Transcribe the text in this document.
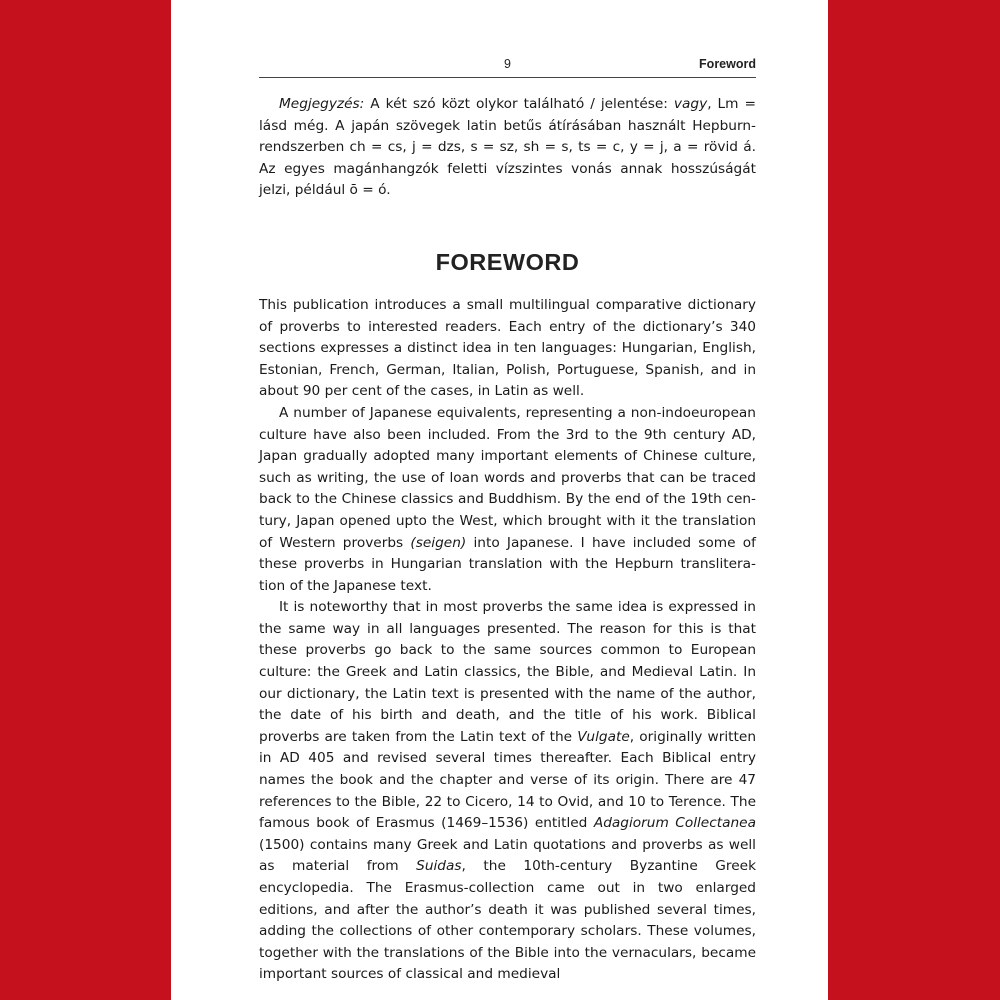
9	Foreword

Megjegyzés: A két szó közt olykor található / jelentése: vagy, Lm = lásd még. A japán szövegek latin betűs átírásában használt Hepburn-rendszerben ch = cs, j = dzs, s = sz, sh = s, ts = c, y = j, a = rövid á. Az egyes magánhangzók feletti vízszintes vonás annak hosszúságát jelzi, például ō = ó.

FOREWORD

This publication introduces a small multilingual comparative dictionary of proverbs to interested readers. Each entry of the dictionary’s 340 sections expresses a distinct idea in ten languages: Hungarian, English, Estonian, French, German, Italian, Polish, Portuguese, Spanish, and in about 90 per cent of the cases, in Latin as well.

A number of Japanese equivalents, representing a non-indoeuropean culture have also been included. From the 3rd to the 9th century AD, Japan gradually adopted many important elements of Chinese culture, such as writing, the use of loan words and proverbs that can be traced back to the Chinese classics and Buddhism. By the end of the 19th century, Japan opened upto the West, which brought with it the translation of Western proverbs (seigen) into Japanese. I have included some of these proverbs in Hungarian translation with the Hepburn transliteration of the Japanese text.

It is noteworthy that in most proverbs the same idea is expressed in the same way in all languages presented. The reason for this is that these proverbs go back to the same sources common to European culture: the Greek and Latin classics, the Bible, and Medieval Latin. In our dictionary, the Latin text is presented with the name of the author, the date of his birth and death, and the title of his work. Biblical proverbs are taken from the Latin text of the Vulgate, originally written in AD 405 and revised several times thereafter. Each Biblical entry names the book and the chapter and verse of its origin. There are 47 references to the Bible, 22 to Cicero, 14 to Ovid, and 10 to Terence. The famous book of Erasmus (1469–1536) entitled Adagiorum Collectanea (1500) contains many Greek and Latin quotations and proverbs as well as material from Suidas, the 10th-century Byzantine Greek encyclopedia. The Erasmus-collection came out in two enlarged editions, and after the author’s death it was published several times, adding the collections of other contemporary scholars. These volumes, together with the translations of the Bible into the vernaculars, became important sources of classical and medieval
